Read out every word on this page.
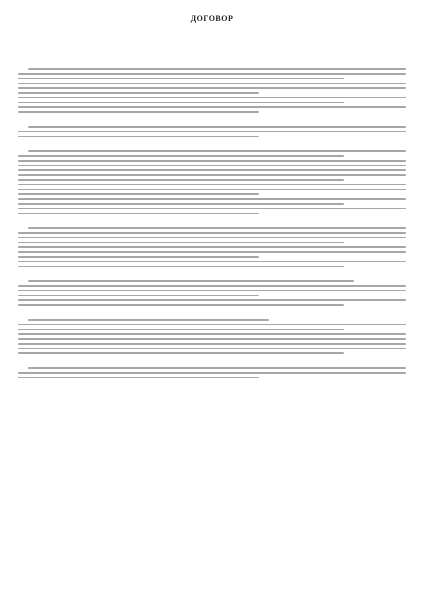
ДОГОВОР
